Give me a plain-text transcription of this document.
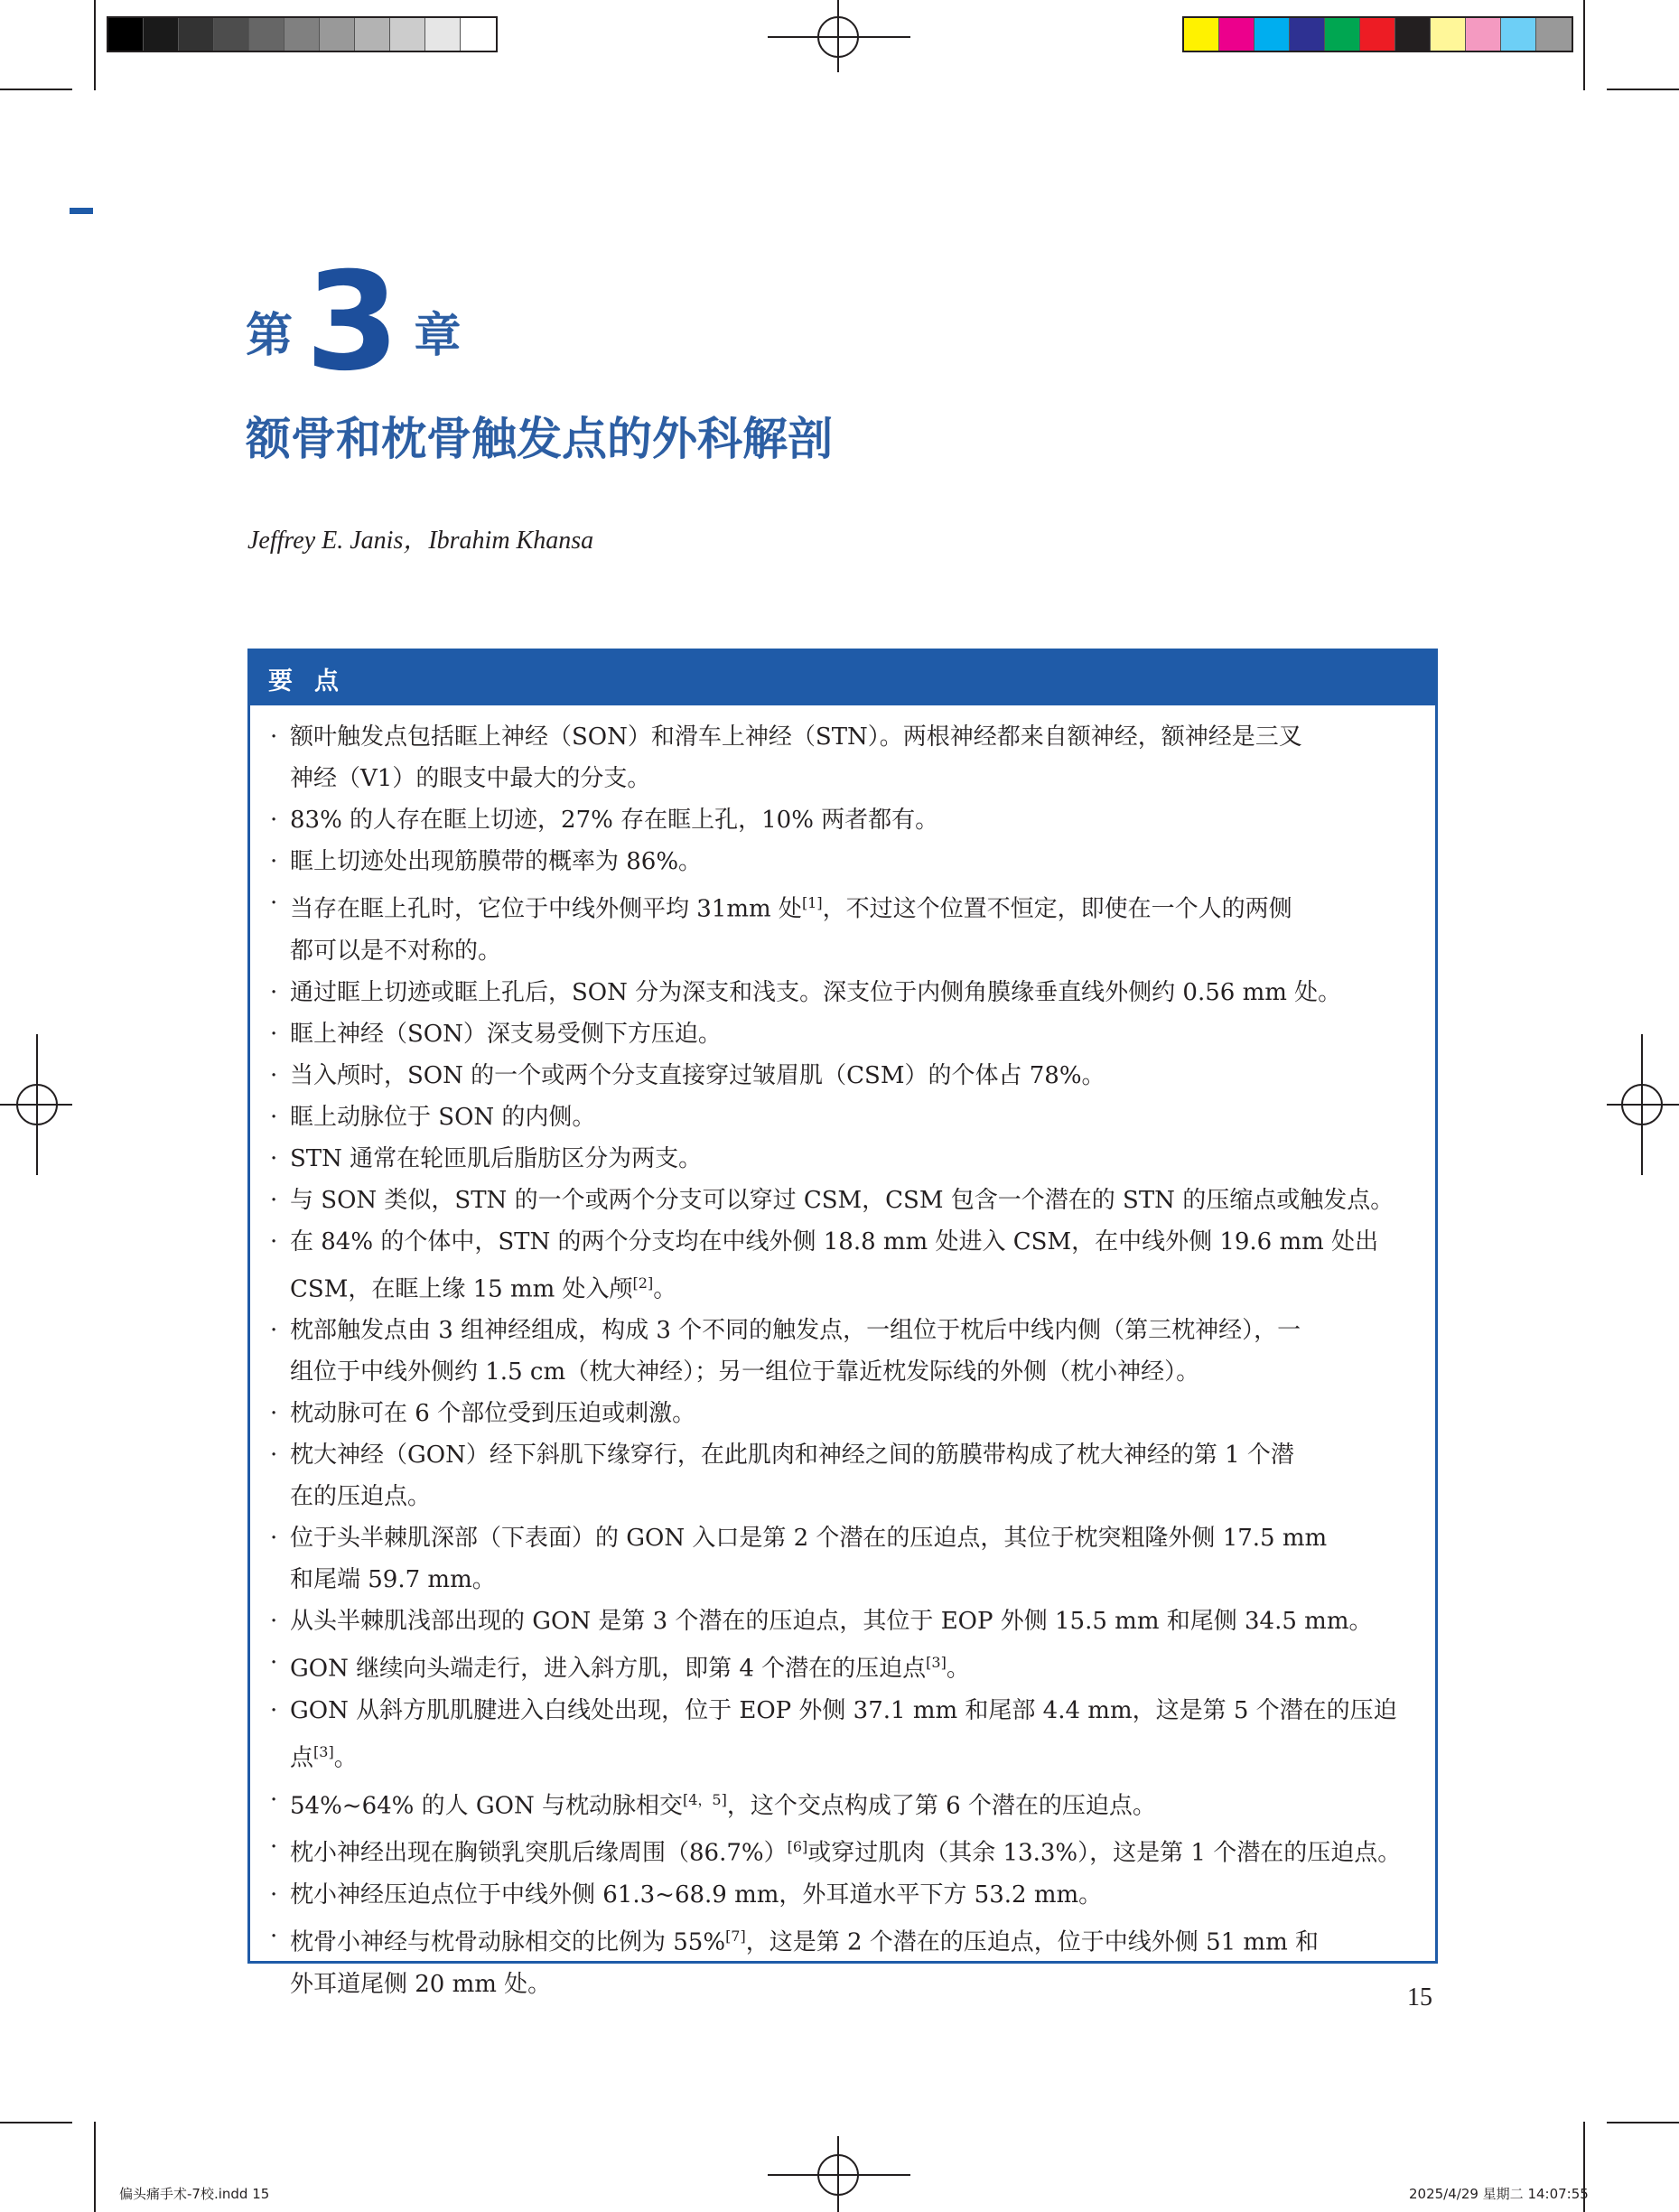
第 3 章
额骨和枕骨触发点的外科解剖
Jeffrey E. Janis，Ibrahim Khansa
要点
· 额叶触发点包括眶上神经（SON）和滑车上神经（STN）。两根神经都来自额神经，额神经是三叉
神经（V1）的眼支中最大的分支。
· 83% 的人存在眶上切迹，27% 存在眶上孔，10% 两者都有。
· 眶上切迹处出现筋膜带的概率为 86%。
· 当存在眶上孔时，它位于中线外侧平均 31mm 处[1]，不过这个位置不恒定，即使在一个人的两侧
都可以是不对称的。
· 通过眶上切迹或眶上孔后，SON 分为深支和浅支。深支位于内侧角膜缘垂直线外侧约 0.56 mm 处。
· 眶上神经（SON）深支易受侧下方压迫。
· 当入颅时，SON 的一个或两个分支直接穿过皱眉肌（CSM）的个体占 78%。
· 眶上动脉位于 SON 的内侧。
· STN 通常在轮匝肌后脂肪区分为两支。
· 与 SON 类似，STN 的一个或两个分支可以穿过 CSM，CSM 包含一个潜在的 STN 的压缩点或触发点。
· 在 84% 的个体中，STN 的两个分支均在中线外侧 18.8 mm 处进入 CSM，在中线外侧 19.6 mm 处出
CSM，在眶上缘 15 mm 处入颅[2]。
· 枕部触发点由 3 组神经组成，构成 3 个不同的触发点，一组位于枕后中线内侧（第三枕神经），一
组位于中线外侧约 1.5 cm（枕大神经）；另一组位于靠近枕发际线的外侧（枕小神经）。
· 枕动脉可在 6 个部位受到压迫或刺激。
· 枕大神经（GON）经下斜肌下缘穿行，在此肌肉和神经之间的筋膜带构成了枕大神经的第 1 个潜
在的压迫点。
· 位于头半棘肌深部（下表面）的 GON 入口是第 2 个潜在的压迫点，其位于枕突粗隆外侧 17.5 mm
和尾端 59.7 mm。
· 从头半棘肌浅部出现的 GON 是第 3 个潜在的压迫点，其位于 EOP 外侧 15.5 mm 和尾侧 34.5 mm。
· GON 继续向头端走行，进入斜方肌，即第 4 个潜在的压迫点[3]。
· GON 从斜方肌肌腱进入白线处出现，位于 EOP 外侧 37.1 mm 和尾部 4.4 mm，这是第 5 个潜在的压迫
点[3]。
· 54%~64% 的人 GON 与枕动脉相交[4，5]，这个交点构成了第 6 个潜在的压迫点。
· 枕小神经出现在胸锁乳突肌后缘周围（86.7%）[6]或穿过肌肉（其余 13.3%），这是第 1 个潜在的压迫点。
· 枕小神经压迫点位于中线外侧 61.3~68.9 mm，外耳道水平下方 53.2 mm。
· 枕骨小神经与枕骨动脉相交的比例为 55%[7]，这是第 2 个潜在的压迫点，位于中线外侧 51 mm 和
外耳道尾侧 20 mm 处。	15
偏头痛手术-7校.indd 15	2025/4/29 星期二 14:07:55
